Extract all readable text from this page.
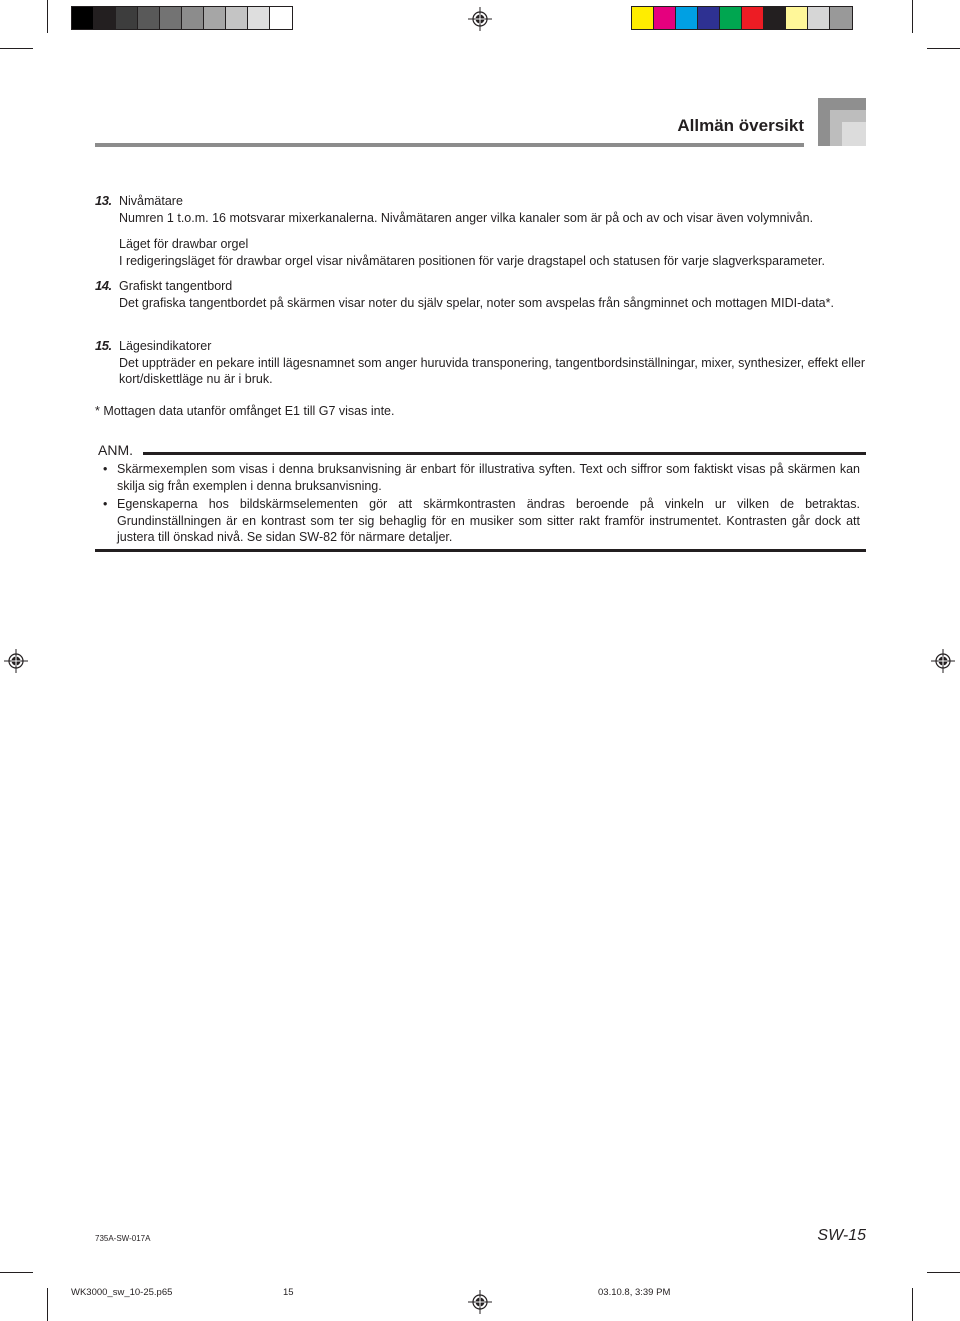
Allmän översikt
13. Nivåmätare
Numren 1 t.o.m. 16 motsvarar mixerkanalerna. Nivåmätaren anger vilka kanaler som är på och av och visar även volymnivån.
Läget för drawbar orgel
I redigeringsläget för drawbar orgel visar nivåmätaren positionen för varje dragstapel och statusen för varje slagverksparameter.
14. Grafiskt tangentbord
Det grafiska tangentbordet på skärmen visar noter du själv spelar, noter som avspelas från sångminnet och mottagen MIDI-data*.
15. Lägesindikatorer
Det uppträder en pekare intill lägesnamnet som anger huruvida transponering, tangentbordsinställningar, mixer, synthesizer, effekt eller kort/diskettläge nu är i bruk.
* Mottagen data utanför omfånget E1 till G7 visas inte.
ANM.
• Skärmexemplen som visas i denna bruksanvisning är enbart för illustrativa syften. Text och siffror som faktiskt visas på skärmen kan skilja sig från exemplen i denna bruksanvisning.
• Egenskaperna hos bildskärmselementen gör att skärmkontrasten ändras beroende på vinkeln ur vilken de betraktas. Grundinställningen är en kontrast som ter sig behaglig för en musiker som sitter rakt framför instrumentet. Kontrasten går dock att justera till önskad nivå. Se sidan SW-82 för närmare detaljer.
735A-SW-017A	SW-15
WK3000_sw_10-25.p65	15	03.10.8, 3:39 PM
